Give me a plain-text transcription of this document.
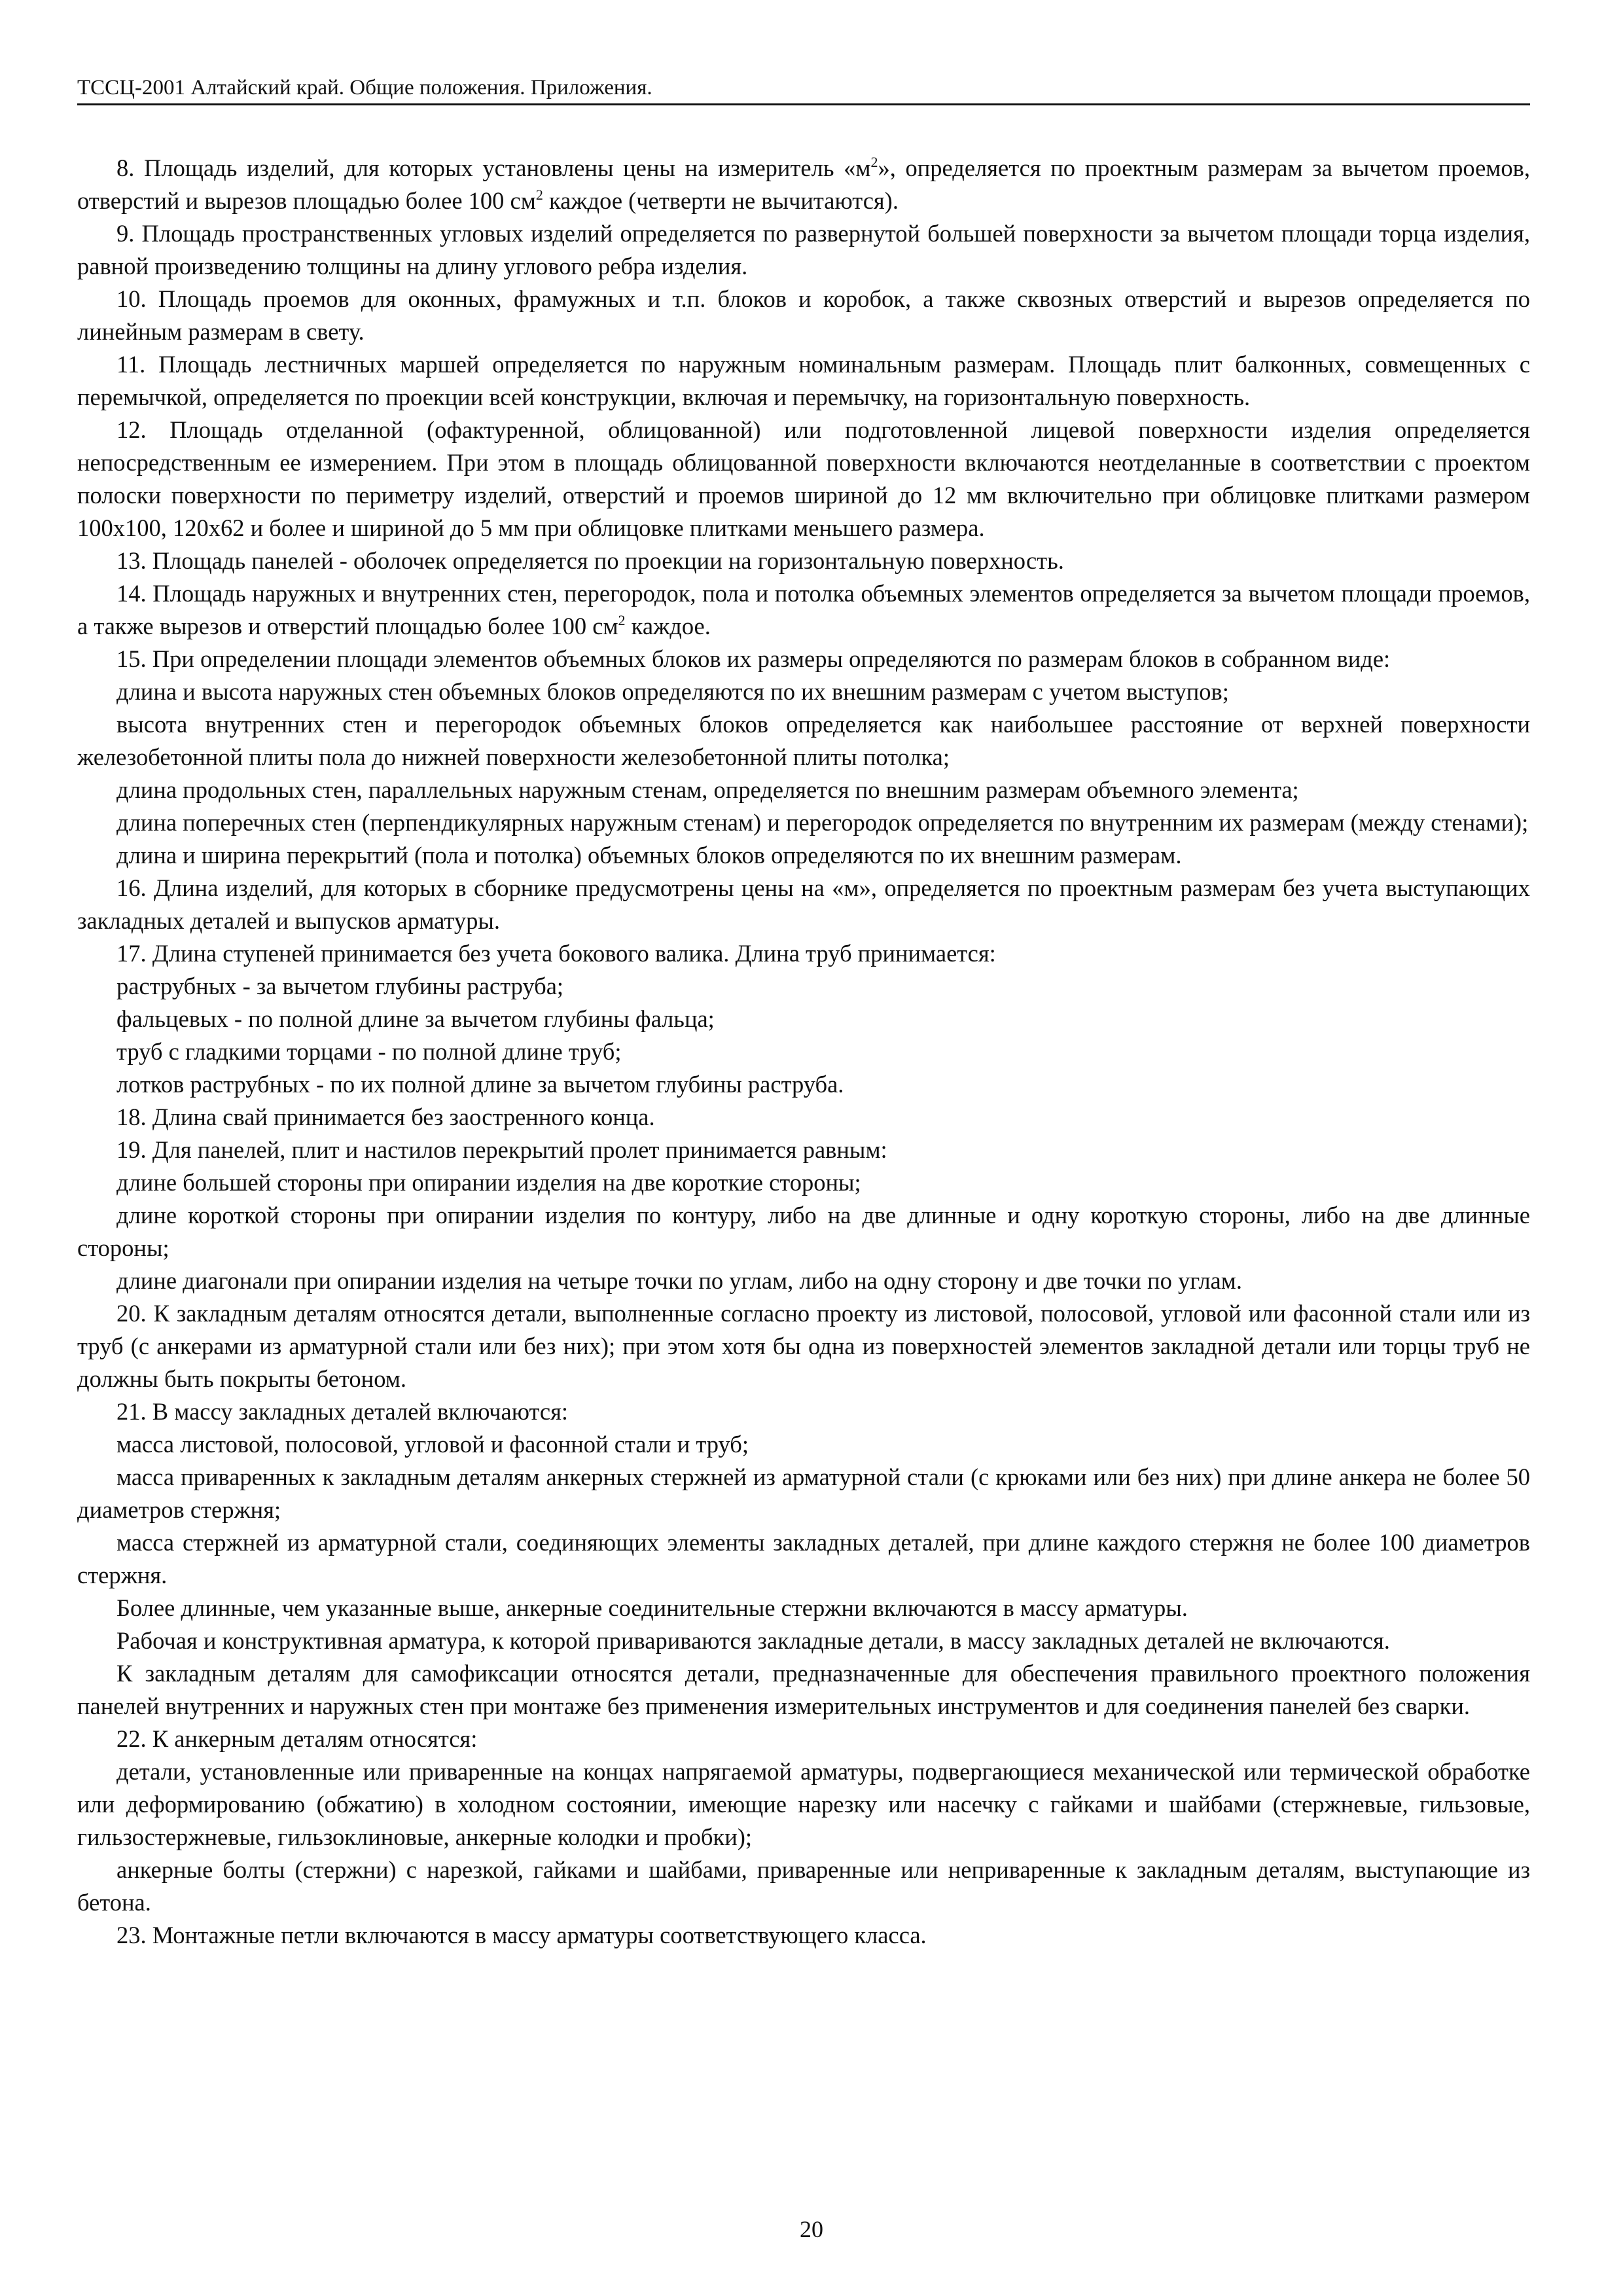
ТССЦ-2001 Алтайский край. Общие положения. Приложения.

8. Площадь изделий, для которых установлены цены на измеритель «$м^2$», определяется по проектным размерам за вычетом проемов, отверстий и вырезов площадью более 100 $см^2$ каждое (четверти не вычитаются).

9. Площадь пространственных угловых изделий определяется по развернутой большей поверхности за вычетом площади торца изделия, равной произведению толщины на длину углового ребра изделия.

10. Площадь проемов для оконных, фрамужных и т.п. блоков и коробок, а также сквозных отверстий и вырезов определяется по линейным размерам в свету.

11. Площадь лестничных маршей определяется по наружным номинальным размерам. Площадь плит балконных, совмещенных с перемычкой, определяется по проекции всей конструкции, включая и перемычку, на горизонтальную поверхность.

12. Площадь отделанной (офактуренной, облицованной) или подготовленной лицевой поверхности изделия определяется непосредственным ее измерением. При этом в площадь облицованной поверхности включаются неотделанные в соответствии с проектом полоски поверхности по периметру изделий, отверстий и проемов шириной до 12 мм включительно при облицовке плитками размером 100х100, 120х62 и более и шириной до 5 мм при облицовке плитками меньшего размера.

13. Площадь панелей - оболочек определяется по проекции на горизонтальную поверхность.

14. Площадь наружных и внутренних стен, перегородок, пола и потолка объемных элементов определяется за вычетом площади проемов, а также вырезов и отверстий площадью более 100 $см^2$ каждое.

15. При определении площади элементов объемных блоков их размеры определяются по размерам блоков в собранном виде:

длина и высота наружных стен объемных блоков определяются по их внешним размерам с учетом выступов;

высота внутренних стен и перегородок объемных блоков определяется как наибольшее расстояние от верхней поверхности железобетонной плиты пола до нижней поверхности железобетонной плиты потолка;

длина продольных стен, параллельных наружным стенам, определяется по внешним размерам объемного элемента;

длина поперечных стен (перпендикулярных наружным стенам) и перегородок определяется по внутренним их размерам (между стенами);

длина и ширина перекрытий (пола и потолка) объемных блоков определяются по их внешним размерам.

16. Длина изделий, для которых в сборнике предусмотрены цены на «м», определяется по проектным размерам без учета выступающих закладных деталей и выпусков арматуры.

17. Длина ступеней принимается без учета бокового валика. Длина труб принимается:

раструбных - за вычетом глубины раструба;

фальцевых - по полной длине за вычетом глубины фальца;

труб с гладкими торцами - по полной длине труб;

лотков раструбных - по их полной длине за вычетом глубины раструба.

18. Длина свай принимается без заостренного конца.

19. Для панелей, плит и настилов перекрытий пролет принимается равным:

длине большей стороны при опирании изделия на две короткие стороны;

длине короткой стороны при опирании изделия по контуру, либо на две длинные и одну короткую стороны, либо на две длинные стороны;

длине диагонали при опирании изделия на четыре точки по углам, либо на одну сторону и две точки по углам.

20. К закладным деталям относятся детали, выполненные согласно проекту из листовой, полосовой, угловой или фасонной стали или из труб (с анкерами из арматурной стали или без них); при этом хотя бы одна из поверхностей элементов закладной детали или торцы труб не должны быть покрыты бетоном.

21. В массу закладных деталей включаются:

масса листовой, полосовой, угловой и фасонной стали и труб;

масса приваренных к закладным деталям анкерных стержней из арматурной стали (с крюками или без них) при длине анкера не более 50 диаметров стержня;

масса стержней из арматурной стали, соединяющих элементы закладных деталей, при длине каждого стержня не более 100 диаметров стержня.

Более длинные, чем указанные выше, анкерные соединительные стержни включаются в массу арматуры.

Рабочая и конструктивная арматура, к которой привариваются закладные детали, в массу закладных деталей не включаются.

К закладным деталям для самофиксации относятся детали, предназначенные для обеспечения правильного проектного положения панелей внутренних и наружных стен при монтаже без применения измерительных инструментов и для соединения панелей без сварки.

22. К анкерным деталям относятся:

детали, установленные или приваренные на концах напрягаемой арматуры, подвергающиеся механической или термической обработке или деформированию (обжатию) в холодном состоянии, имеющие нарезку или насечку с гайками и шайбами (стержневые, гильзовые, гильзостержневые, гильзоклиновые, анкерные колодки и пробки);

анкерные болты (стержни) с нарезкой, гайками и шайбами, приваренные или неприваренные к закладным деталям, выступающие из бетона.

23. Монтажные петли включаются в массу арматуры соответствующего класса.

20
